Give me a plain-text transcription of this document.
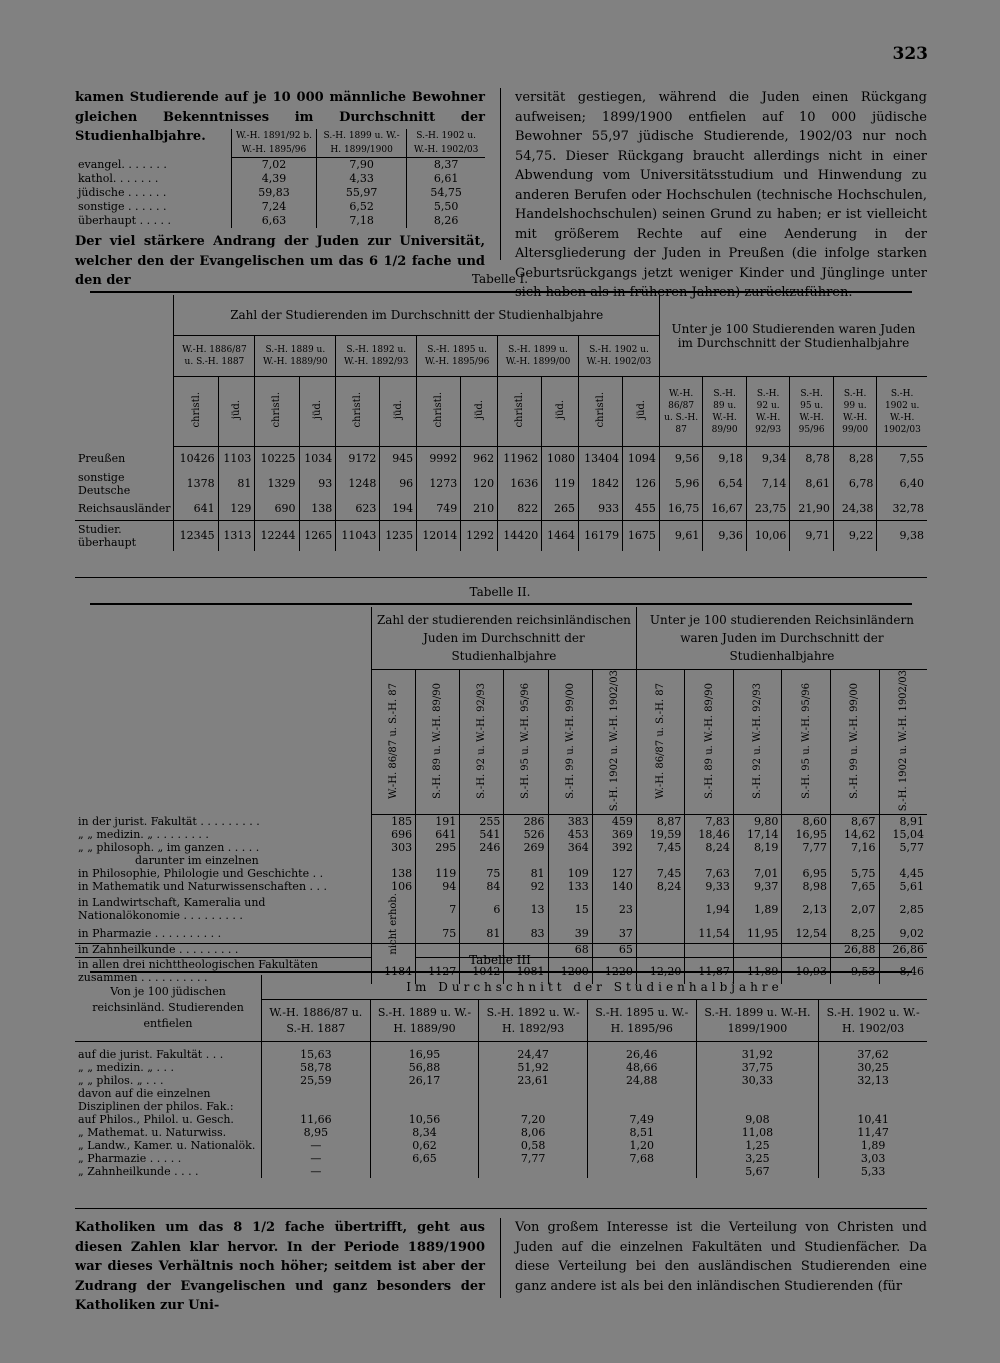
323

kamen Studierende auf je 10 000 männliche Bewohner gleichen Bekenntnisses im Durchschnitt der Studienhalbjahre.

		W.-H. 1891/92 b. W.-H. 1895/96	S.-H. 1899 u. W.-H. 1899/1900	S.-H. 1902 u. W.-H. 1902/03
evangel. . . . . . .	7,02	7,90	8,37
kathol. . . . . . .	4,39	4,33	6,61
jüdische . . . . . .	59,83	55,97	54,75
sonstige . . . . . .	7,24	6,52	5,50
überhaupt . . . . .	6,63	7,18	8,26

Der viel stärkere Andrang der Juden zur Universität, welcher den der Evangelischen um das 6 1/2 fache und den der

versität gestiegen, während die Juden einen Rückgang aufweisen; 1899/1900 entfielen auf 10 000 jüdische Bewohner 55,97 jüdische Studierende, 1902/03 nur noch 54,75. Dieser Rückgang braucht allerdings nicht in einer Abwendung vom Universitätsstudium und Hinwendung zu anderen Berufen oder Hochschulen (technische Hochschulen, Handelshochschulen) seinen Grund zu haben; er ist vielleicht mit größerem Rechte auf eine Aenderung in der Altersgliederung der Juden in Preußen (die infolge starken Geburtsrückgangs jetzt weniger Kinder und Jünglinge unter sich haben als in früheren Jahren) zurückzuführen.

Tabelle I.
	Zahl der Studierenden im Durchschnitt der Studienhalbjahre												Unter je 100 Studierenden waren Juden im Durchschnitt der Studienhalbjahre					
	W.-H. 1886/87 u. S.-H. 1887		S.-H. 1889 u. W.-H. 1889/90		S.-H. 1892 u. W.-H. 1892/93		S.-H. 1895 u. W.-H. 1895/96		S.-H. 1899 u. W.-H. 1899/00		S.-H. 1902 u. W.-H. 1902/03							
	christl.	jüd.	christl.	jüd.	christl.	jüd.	christl.	jüd.	christl.	jüd.	christl.	jüd.	W.-H. 86/87 u. S.-H. 87	S.-H. 89 u. W.-H. 89/90	S.-H. 92 u. W.-H. 92/93	S.-H. 95 u. W.-H. 95/96	S.-H. 99 u. W.-H. 99/00	S.-H. 1902 u. W.-H. 1902/03
Preußen	10426	1103	10225	1034	9172	945	9992	962	11962	1080	13404	1094	9,56	9,18	9,34	8,78	8,28	7,55
sonstige Deutsche	1378	81	1329	93	1248	96	1273	120	1636	119	1842	126	5,96	6,54	7,14	8,61	6,78	6,40
Reichsausländer	641	129	690	138	623	194	749	210	822	265	933	455	16,75	16,67	23,75	21,90	24,38	32,78
Studier. überhaupt	12345	1313	12244	1265	11043	1235	12014	1292	14420	1464	16179	1675	9,61	9,36	10,06	9,71	9,22	9,38
Tabelle II.
	Zahl der studierenden reichsinländischen Juden im Durchschnitt der Studienhalbjahre						Unter je 100 studierenden Reichsinländern waren Juden im Durchschnitt der Studienhalbjahre					
	W.-H. 86/87 u. S.-H. 87	S.-H. 89 u. W.-H. 89/90	S.-H. 92 u. W.-H. 92/93	S.-H. 95 u. W.-H. 95/96	S.-H. 99 u. W.-H. 99/00	S.-H. 1902 u. W.-H. 1902/03	W.-H. 86/87 u. S.-H. 87	S.-H. 89 u. W.-H. 89/90	S.-H. 92 u. W.-H. 92/93	S.-H. 95 u. W.-H. 95/96	S.-H. 99 u. W.-H. 99/00	S.-H. 1902 u. W.-H. 1902/03
in der jurist. Fakultät . . . . . . . . .	185	191	255	286	383	459	8,87	7,83	9,80	8,60	8,67	8,91
„ „ medizin. „ . . . . . . . .	696	641	541	526	453	369	19,59	18,46	17,14	16,95	14,62	15,04
„ „ philosoph. „ im ganzen . . . . .	303	295	246	269	364	392	7,45	8,24	8,19	7,77	7,16	5,77
darunter im einzelnen												
in Philosophie, Philologie und Geschichte . .	138	119	75	81	109	127	7,45	7,63	7,01	6,95	5,75	4,45
in Mathematik und Naturwissenschaften . . .	106	94	84	92	133	140	8,24	9,33	9,37	8,98	7,65	5,61
in Landwirtschaft, Kameralia und Nationalökonomie . . . . . . . . .	nicht erhob.	7	6	13	15	23		1,94	1,89	2,13	2,07	2,85
in Pharmazie . . . . . . . . . .		75	81	83	39	37		11,54	11,95	12,54	8,25	9,02
in Zahnheilkunde . . . . . . . . .					68	65					26,88	26,86
in allen drei nichttheologischen Fakultäten zusammen . . . . . . . . . .	1184	1127	1042	1081	1200	1220	12,20	11,87	11,89	10,93	9,53	8,46
Tabelle III
Von je 100 jüdischen reichsinländ. Studierenden entfielen	Im Durchschnitt der Studienhalbjahre					
	W.-H. 1886/87 u. S.-H. 1887	S.-H. 1889 u. W.-H. 1889/90	S.-H. 1892 u. W.-H. 1892/93	S.-H. 1895 u. W.-H. 1895/96	S.-H. 1899 u. W.-H. 1899/1900	S.-H. 1902 u. W.-H. 1902/03
auf die jurist. Fakultät . . .	15,63	16,95	24,47	26,46	31,92	37,62
„ „ medizin. „ . . .	58,78	56,88	51,92	48,66	37,75	30,25
„ „ philos. „ . . .	25,59	26,17	23,61	24,88	30,33	32,13
davon auf die einzelnen Disziplinen der philos. Fak.:						
auf Philos., Philol. u. Gesch.	11,66	10,56	7,20	7,49	9,08	10,41
„ Mathemat. u. Naturwiss.	8,95	8,34	8,06	8,51	11,08	11,47
„ Landw., Kamer. u. Nationalök.	—	0,62	0,58	1,20	1,25	1,89
„ Pharmazie . . . . .	—	6,65	7,77	7,68	3,25	3,03
„ Zahnheilkunde . . . .	—				5,67	5,33

Katholiken um das 8 1/2 fache übertrifft, geht aus diesen Zahlen klar hervor. In der Periode 1889/1900 war dieses Verhältnis noch höher; seitdem ist aber der Zudrang der Evangelischen und ganz besonders der Katholiken zur Uni-

Von großem Interesse ist die Verteilung von Christen und Juden auf die einzelnen Fakultäten und Studienfächer. Da diese Verteilung bei den ausländischen Studierenden eine ganz andere ist als bei den inländischen Studierenden (für
